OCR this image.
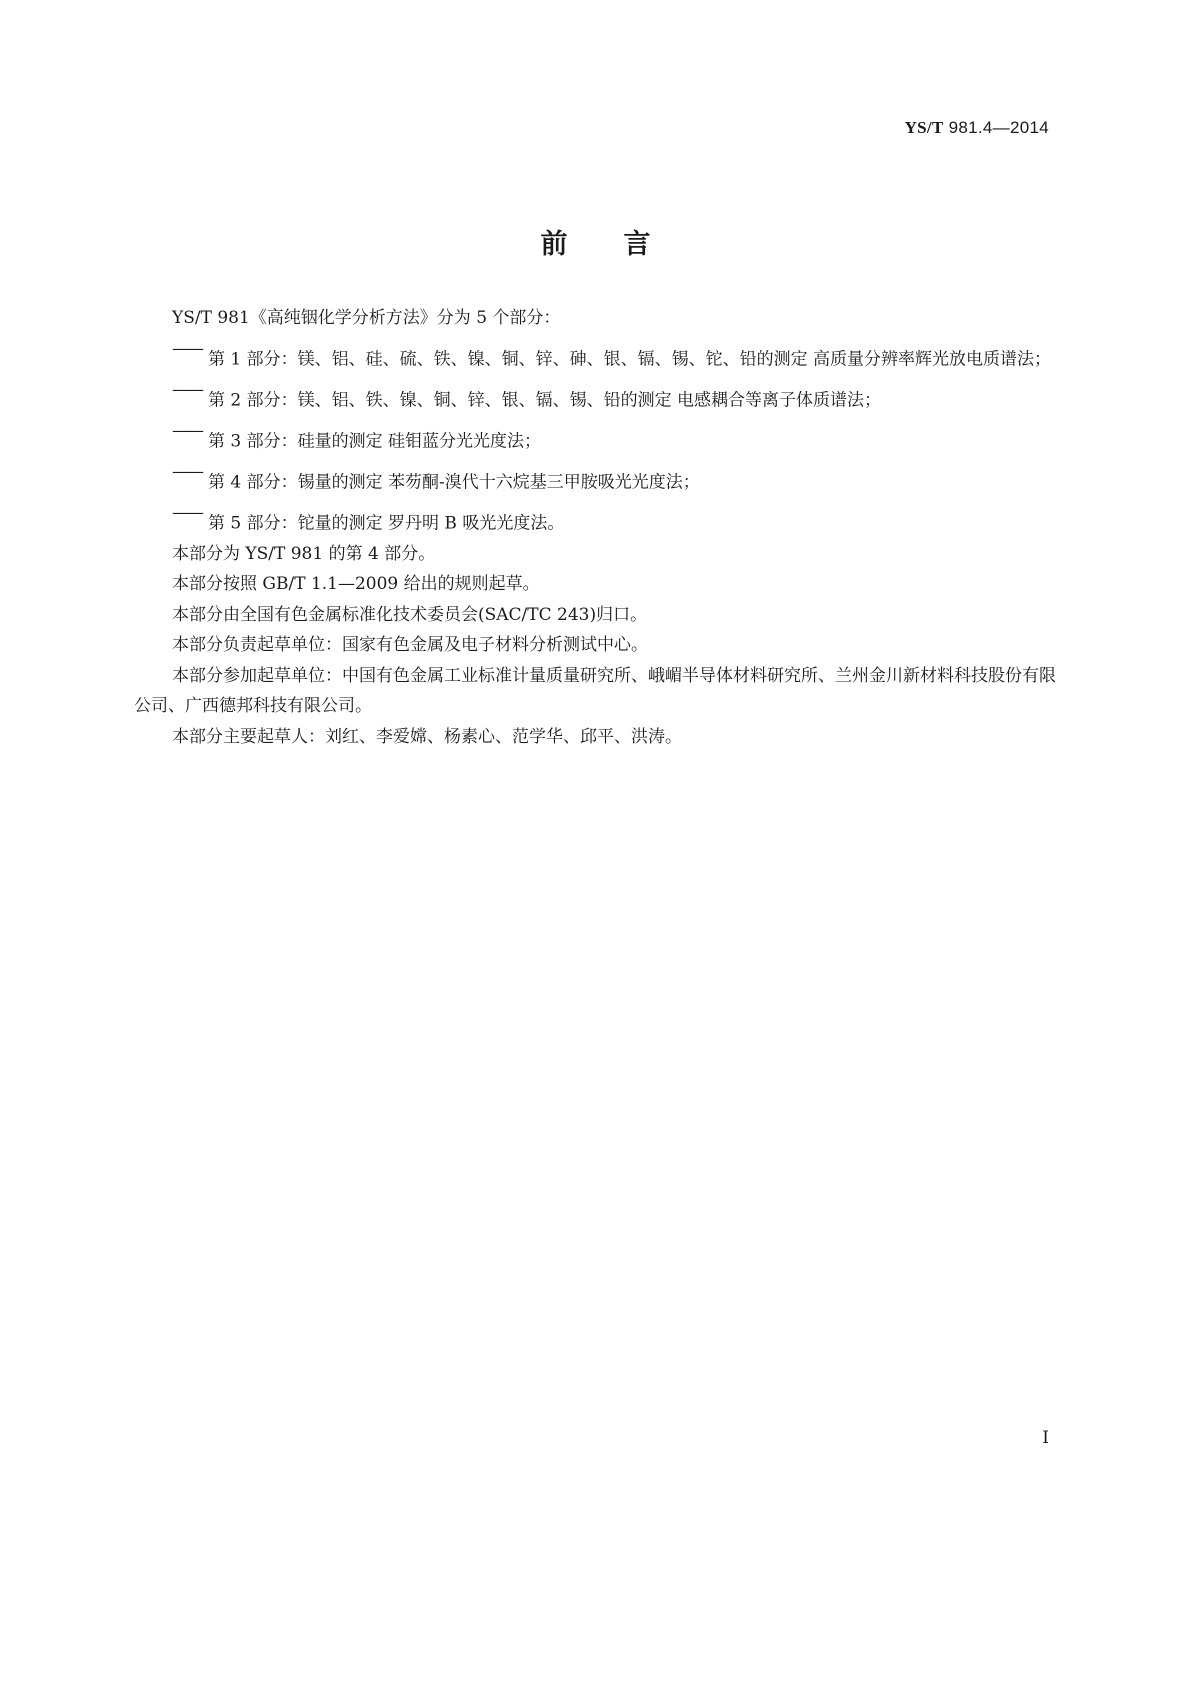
YS/T 981.4—2014
前言

YS/T 981《高纯铟化学分析方法》分为 5 个部分：

——第 1 部分：镁、铝、硅、硫、铁、镍、铜、锌、砷、银、镉、锡、铊、铅的测定 高质量分辨率辉光放电质谱法；

——第 2 部分：镁、铝、铁、镍、铜、锌、银、镉、锡、铅的测定 电感耦合等离子体质谱法；

——第 3 部分：硅量的测定 硅钼蓝分光光度法；

——第 4 部分：锡量的测定 苯芴酮-溴代十六烷基三甲胺吸光光度法；

——第 5 部分：铊量的测定 罗丹明 B 吸光光度法。

本部分为 YS/T 981 的第 4 部分。

本部分按照 GB/T 1.1—2009 给出的规则起草。

本部分由全国有色金属标准化技术委员会(SAC/TC 243)归口。

本部分负责起草单位：国家有色金属及电子材料分析测试中心。

本部分参加起草单位：中国有色金属工业标准计量质量研究所、峨嵋半导体材料研究所、兰州金川新材料科技股份有限公司、广西德邦科技有限公司。

本部分主要起草人：刘红、李爱嫦、杨素心、范学华、邱平、洪涛。

I
